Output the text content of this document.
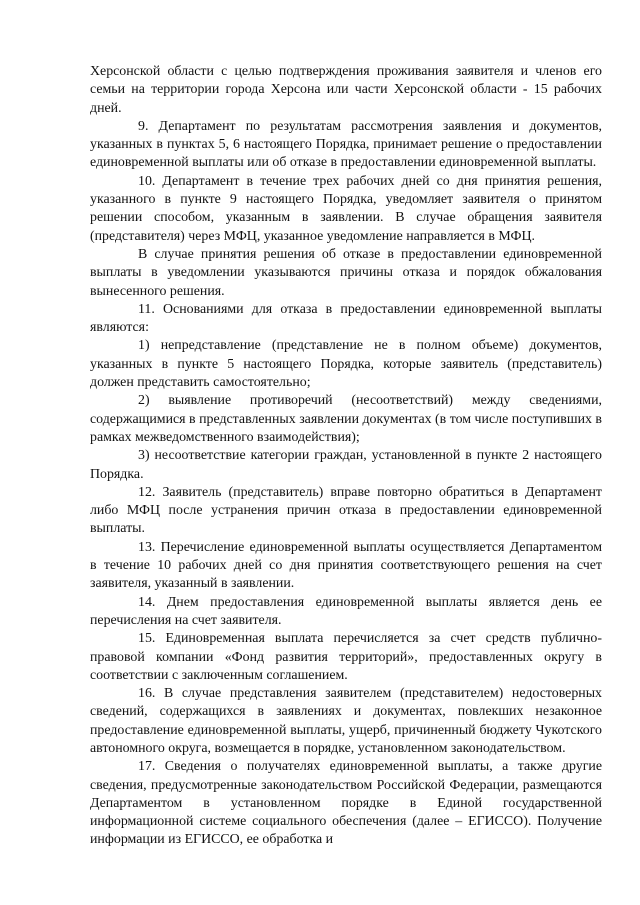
Херсонской области с целью подтверждения проживания заявителя и членов его семьи на территории города Херсона или части Херсонской области - 15 рабочих дней.

9. Департамент по результатам рассмотрения заявления и документов, указанных в пунктах 5, 6 настоящего Порядка, принимает решение о предоставлении единовременной выплаты или об отказе в предоставлении единовременной выплаты.

10. Департамент в течение трех рабочих дней со дня принятия решения, указанного в пункте 9 настоящего Порядка, уведомляет заявителя о принятом решении способом, указанным в заявлении. В случае обращения заявителя (представителя) через МФЦ, указанное уведомление направляется в МФЦ.

В случае принятия решения об отказе в предоставлении единовременной выплаты в уведомлении указываются причины отказа и порядок обжалования вынесенного решения.

11. Основаниями для отказа в предоставлении единовременной выплаты являются:

1) непредставление (представление не в полном объеме) документов, указанных в пункте 5 настоящего Порядка, которые заявитель (представитель) должен представить самостоятельно;

2) выявление противоречий (несоответствий) между сведениями, содержащимися в представленных заявлении документах (в том числе поступивших в рамках межведомственного взаимодействия);

3) несоответствие категории граждан, установленной в пункте 2 настоящего Порядка.

12. Заявитель (представитель) вправе повторно обратиться в Департамент либо МФЦ после устранения причин отказа в предоставлении единовременной выплаты.

13. Перечисление единовременной выплаты осуществляется Департаментом в течение 10 рабочих дней со дня принятия соответствующего решения на счет заявителя, указанный в заявлении.

14. Днем предоставления единовременной выплаты является день ее перечисления на счет заявителя.

15. Единовременная выплата перечисляется за счет средств публично-правовой компании «Фонд развития территорий», предоставленных округу в соответствии с заключенным соглашением.

16. В случае представления заявителем (представителем) недостоверных сведений, содержащихся в заявлениях и документах, повлекших незаконное предоставление единовременной выплаты, ущерб, причиненный бюджету Чукотского автономного округа, возмещается в порядке, установленном законодательством.

17. Сведения о получателях единовременной выплаты, а также другие сведения, предусмотренные законодательством Российской Федерации, размещаются Департаментом в установленном порядке в Единой государственной информационной системе социального обеспечения (далее – ЕГИССО). Получение информации из ЕГИССО, ее обработка и
